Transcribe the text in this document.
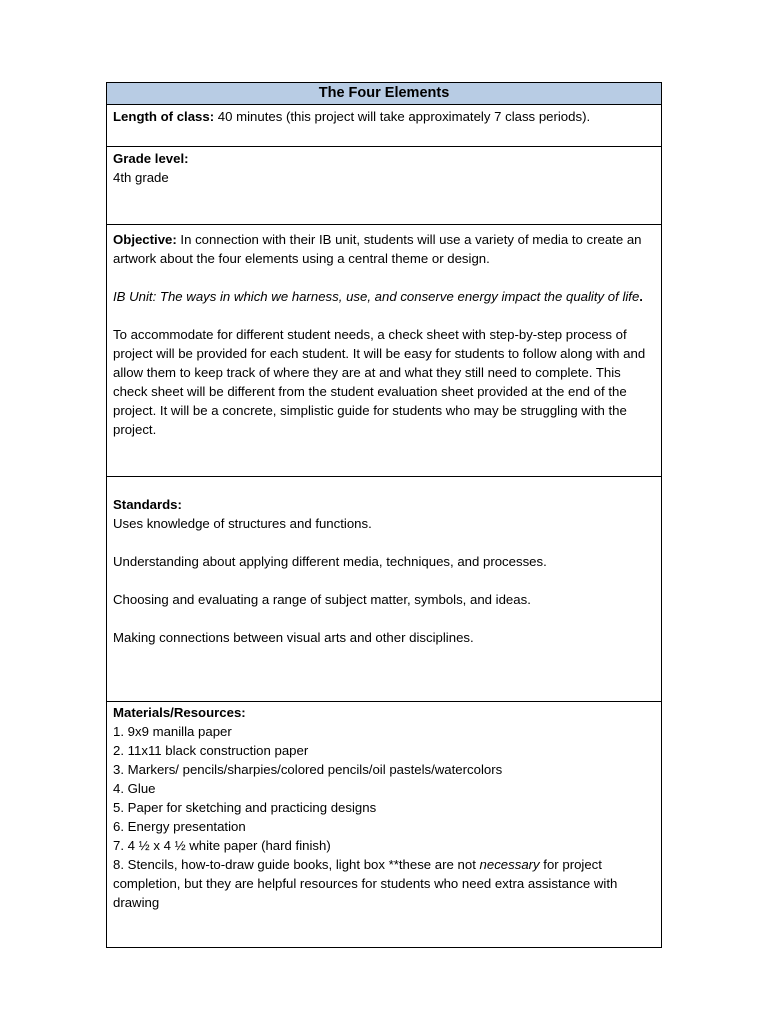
The Four Elements
Length of class: 40 minutes (this project will take approximately 7 class periods).

Grade level:

4th grade

Objective: In connection with their IB unit, students will use a variety of media to create an artwork about the four elements using a central theme or design.

IB Unit: The ways in which we harness, use, and conserve energy impact the quality of life.

To accommodate for different student needs, a check sheet with step-by-step process of project will be provided for each student. It will be easy for students to follow along with and allow them to keep track of where they are at and what they still need to complete. This check sheet will be different from the student evaluation sheet provided at the end of the project. It will be a concrete, simplistic guide for students who may be struggling with the project.

Standards:

Uses knowledge of structures and functions.

Understanding about applying different media, techniques, and processes.

Choosing and evaluating a range of subject matter, symbols, and ideas.

Making connections between visual arts and other disciplines.

Materials/Resources:

1. 9x9 manilla paper
2. 11x11 black construction paper
3. Markers/ pencils/sharpies/colored pencils/oil pastels/watercolors
4. Glue
5. Paper for sketching and practicing designs
6. Energy presentation
7. 4 ½ x 4 ½ white paper (hard finish)
8. Stencils, how-to-draw guide books, light box **these are not necessary for project completion, but they are helpful resources for students who need extra assistance with drawing
